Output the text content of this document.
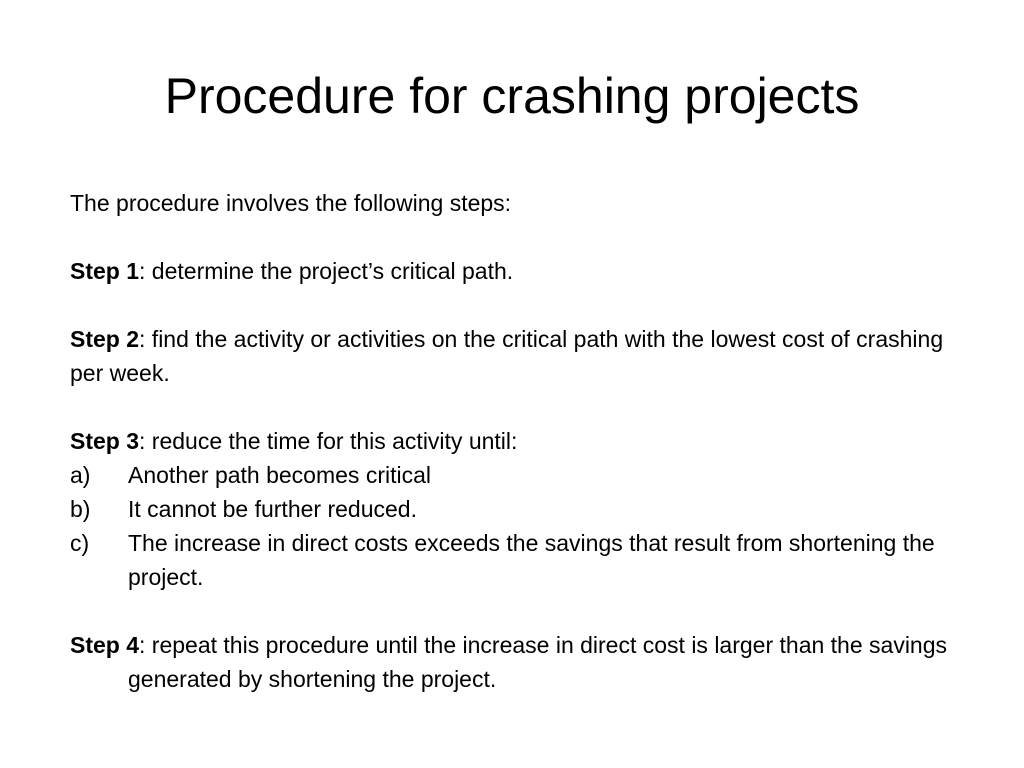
Procedure for crashing projects

The procedure involves the following steps:

Step 1: determine the project’s critical path.

Step 2: find the activity or activities on the critical path with the lowest cost of crashing per week.

Step 3: reduce the time for this activity until:

a)	Another path becomes critical
b)	It cannot be further reduced.
c)	The increase in direct costs exceeds the savings that result from shortening the project.

Step 4: repeat this procedure until the increase in direct cost is larger than the savings generated by shortening the project.
